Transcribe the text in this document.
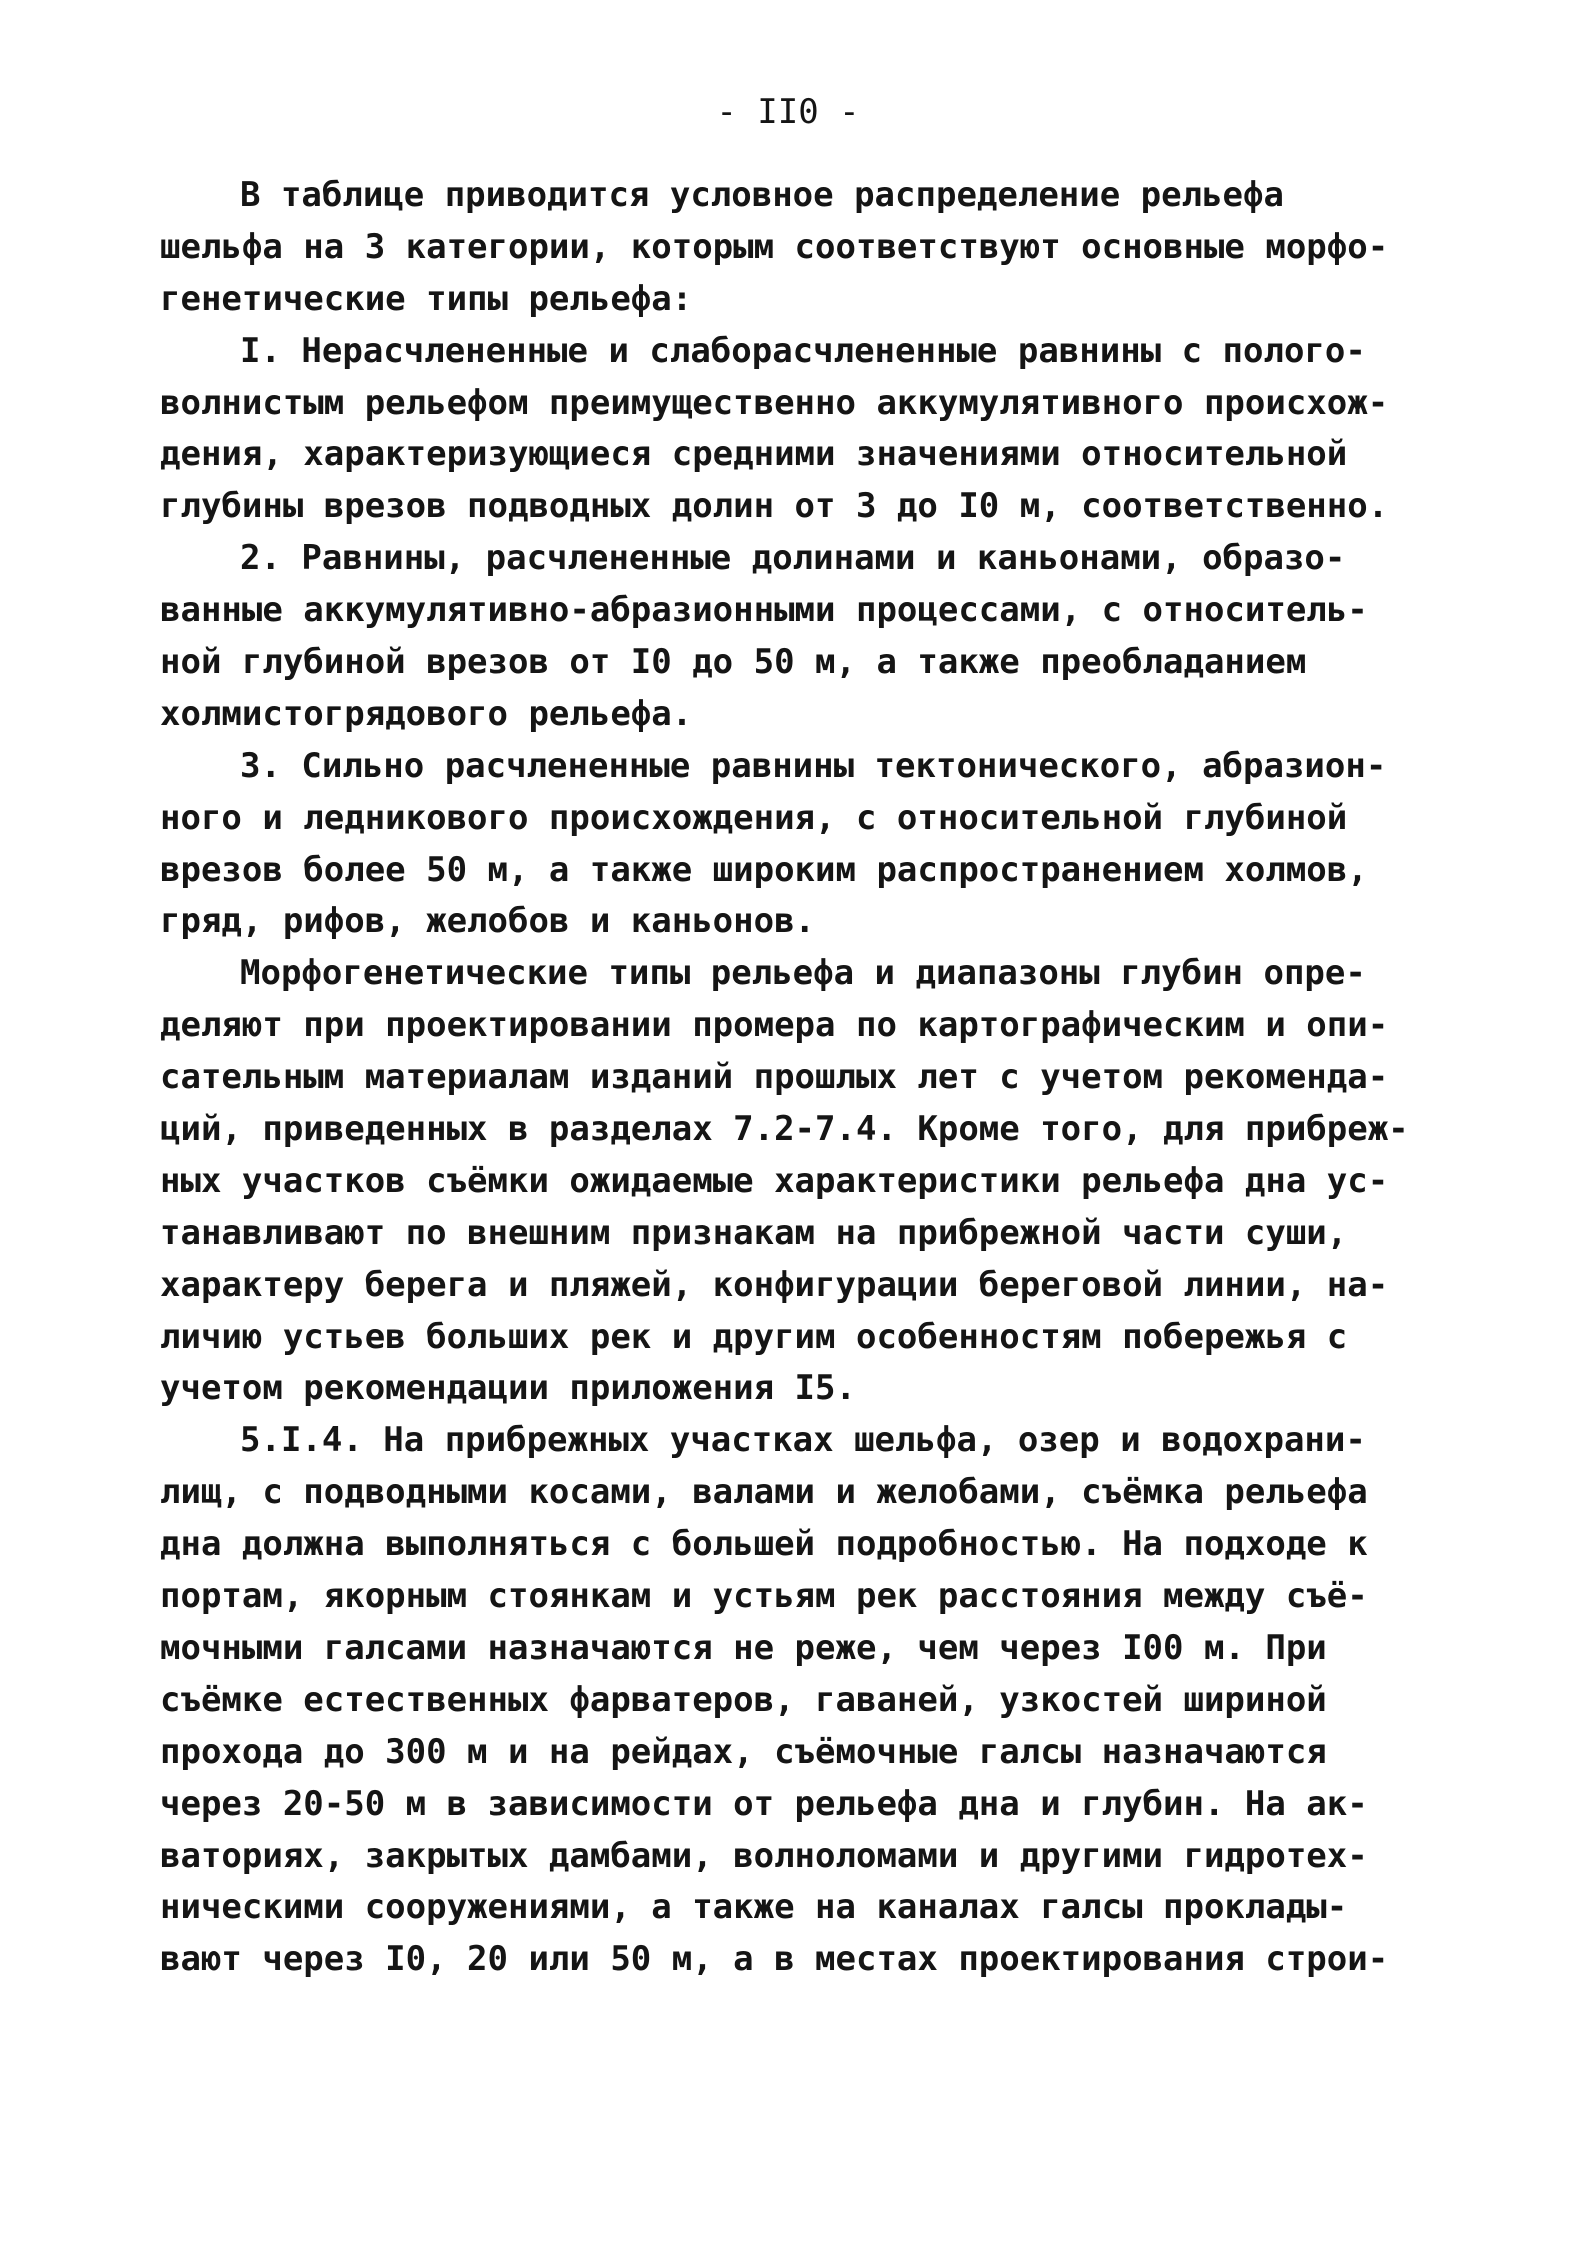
- II0 -
В таблице приводится условное распределение рельефа
шельфа на 3 категории, которым соответствуют основные морфо-
генетические типы рельефа:
I. Нерасчлененные и слаборасчлененные равнины с полого-
волнистым рельефом преимущественно аккумулятивного происхож-
дения, характеризующиеся средними значениями относительной
глубины врезов подводных долин от 3 до I0 м, соответственно.
2. Равнины, расчлененные долинами и каньонами, образо-
ванные аккумулятивно-абразионными процессами, с относитель-
ной глубиной врезов от I0 до 50 м, а также преобладанием
холмистогрядового рельефа.
3. Сильно расчлененные равнины тектонического, абразион-
ного и ледникового происхождения, с относительной глубиной
врезов более 50 м, а также широким распространением холмов,
гряд, рифов, желобов и каньонов.
Морфогенетические типы рельефа и диапазоны глубин опре-
деляют при проектировании промера по картографическим и опи-
сательным материалам изданий прошлых лет с учетом рекоменда-
ций, приведенных в разделах 7.2-7.4. Кроме того, для прибреж-
ных участков съёмки ожидаемые характеристики рельефа дна ус-
танавливают по внешним признакам на прибрежной части суши,
характеру берега и пляжей, конфигурации береговой линии, на-
личию устьев больших рек и другим особенностям побережья с
учетом рекомендации приложения I5.
5.I.4. На прибрежных участках шельфа, озер и водохрани-
лищ, с подводными косами, валами и желобами, съёмка рельефа
дна должна выполняться с большей подробностью. На подходе к
портам, якорным стоянкам и устьям рек расстояния между съё-
мочными галсами назначаются не реже, чем через I00 м. При
съёмке естественных фарватеров, гаваней, узкостей шириной
прохода до 300 м и на рейдах, съёмочные галсы назначаются
через 20-50 м в зависимости от рельефа дна и глубин. На ак-
ваториях, закрытых дамбами, волноломами и другими гидротех-
ническими сооружениями, а также на каналах галсы проклады-
вают через I0, 20 или 50 м, а в местах проектирования строи-
